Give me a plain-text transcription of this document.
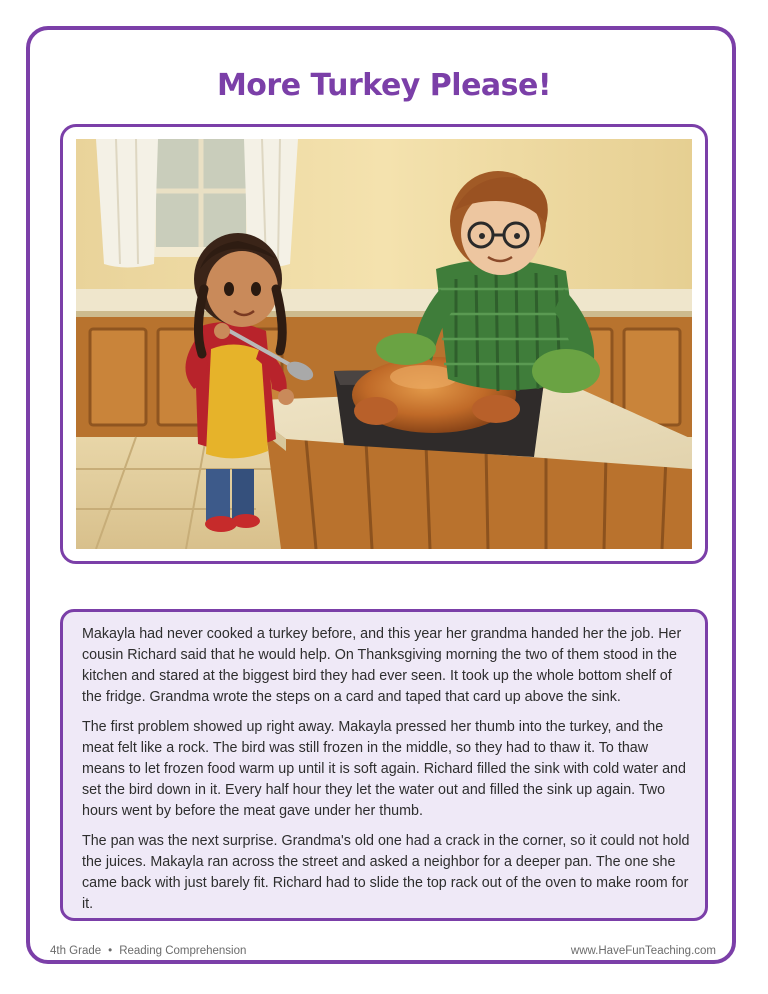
More Turkey Please!

Makayla had never cooked a turkey before, and this year her grandma handed her the job. Her cousin Richard said that he would help. On Thanksgiving morning the two of them stood in the kitchen and stared at the biggest bird they had ever seen. It took up the whole bottom shelf of the fridge. Grandma wrote the steps on a card and taped that card up above the sink.

The first problem showed up right away. Makayla pressed her thumb into the turkey, and the meat felt like a rock. The bird was still frozen in the middle, so they had to thaw it. To thaw means to let frozen food warm up until it is soft again. Richard filled the sink with cold water and set the bird down in it. Every half hour they let the water out and filled the sink up again. Two hours went by before the meat gave under her thumb.

The pan was the next surprise. Grandma's old one had a crack in the corner, so it could not hold the juices. Makayla ran across the street and asked a neighbor for a deeper pan. The one she came back with just barely fit. Richard had to slide the top rack out of the oven to make room for it.

4th Grade • Reading Comprehension	www.HaveFunTeaching.com
